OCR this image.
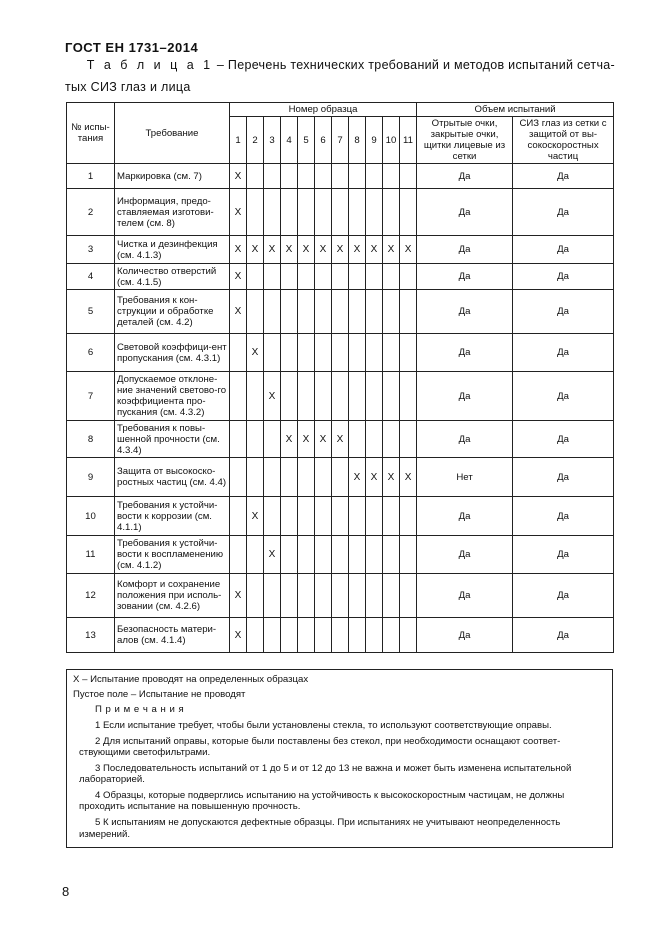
ГОСТ EH 1731–2014
Т а б л и ц а 1 – Перечень технических требований и методов испытаний сетча-
тых СИЗ глаз и лица
№ испы-тания	Требование	Номер образца											Объем испытаний	
		1	2	3	4	5	6	7	8	9	10	11	Отрытые очки, закрытые очки, щитки лицевые из сетки	СИЗ глаз из сетки с защитой от вы-сокоскоростных частиц
1	Маркировка (см. 7)	X											Да	Да
2	Информация, предо-ставляемая изготови-телем (см. 8)	X											Да	Да
3	Чистка и дезинфекция (см. 4.1.3)	X	X	X	X	X	X	X	X	X	X	X	Да	Да
4	Количество отверстий (см. 4.1.5)	X											Да	Да
5	Требования к кон-струкции и обработке деталей (см. 4.2)	X											Да	Да
6	Световой коэффици-ент пропускания (см. 4.3.1)		X										Да	Да
7	Допускаемое отклоне-ние значений светово-го коэффициента про-пускания (см. 4.3.2)			X									Да	Да
8	Требования к повы-шенной прочности (см. 4.3.4)				X	X	X	X					Да	Да
9	Защита от высокоско-ростных частиц (см. 4.4)								X	X	X	X	Нет	Да
10	Требования к устойчи-вости к коррозии (см. 4.1.1)		X										Да	Да
11	Требования к устойчи-вости к воспламенению (см. 4.1.2)			X									Да	Да
12	Комфорт и сохранение положения при исполь-зовании (см. 4.2.6)	X											Да	Да
13	Безопасность матери-алов (см. 4.1.4)	X											Да	Да

Х – Испытание проводят на определенных образцах

Пустое поле – Испытание не проводят

П р и м е ч а н и я

1 Если испытание требует, чтобы были установлены стекла, то используют соответствующие оправы.

2 Для испытаний оправы, которые были поставлены без стекол, при необходимости оснащают соответ-

ствующими светофильтрами.

3 Последовательность испытаний от 1 до 5 и от 12 до 13 не важна и может быть изменена испытательной

лабораторией.

4 Образцы, которые подверглись испытанию на устойчивость к высокоскоростным частицам, не должны

проходить испытание на повышенную прочность.

5 К испытаниям не допускаются дефектные образцы. При испытаниях не учитывают неопределенность

измерений.

8
